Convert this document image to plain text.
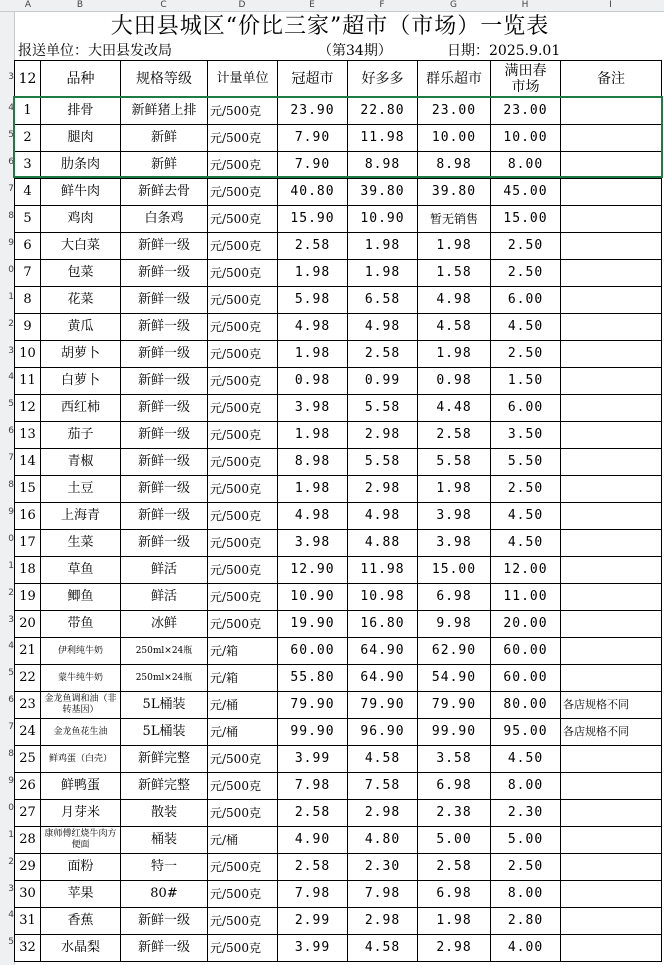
A	B	C	D	E	F	G	H	I
3
4
5
6
7
8
9
0
1
2
3
4
5
6
7
8
9
0
1
2
3
4
5
6
7
8
9
0
1
2
3
4
5
大田县城区“价比三家”超市（市场）一览表
报送单位：大田县发改局	（第34期）	日期：2025.9.01
12	品种	规格等级	计量单位	冠超市	好多多	群乐超市	满田春市场	备注
1	排骨	新鲜猪上排	元/500克	23.90	22.80	23.00	23.00	
2	腿肉	新鲜	元/500克	7.90	11.98	10.00	10.00	
3	肋条肉	新鲜	元/500克	7.90	8.98	8.98	8.00	
4	鲜牛肉	新鲜去骨	元/500克	40.80	39.80	39.80	45.00	
5	鸡肉	白条鸡	元/500克	15.90	10.90	暂无销售	15.00	
6	大白菜	新鲜一级	元/500克	2.58	1.98	1.98	2.50	
7	包菜	新鲜一级	元/500克	1.98	1.98	1.58	2.50	
8	花菜	新鲜一级	元/500克	5.98	6.58	4.98	6.00	
9	黄瓜	新鲜一级	元/500克	4.98	4.98	4.58	4.50	
10	胡萝卜	新鲜一级	元/500克	1.98	2.58	1.98	2.50	
11	白萝卜	新鲜一级	元/500克	0.98	0.99	0.98	1.50	
12	西红柿	新鲜一级	元/500克	3.98	5.58	4.48	6.00	
13	茄子	新鲜一级	元/500克	1.98	2.98	2.58	3.50	
14	青椒	新鲜一级	元/500克	8.98	5.58	5.58	5.50	
15	土豆	新鲜一级	元/500克	1.98	2.98	1.98	2.50	
16	上海青	新鲜一级	元/500克	4.98	4.98	3.98	4.50	
17	生菜	新鲜一级	元/500克	3.98	4.88	3.98	4.50	
18	草鱼	鲜活	元/500克	12.90	11.98	15.00	12.00	
19	鲫鱼	鲜活	元/500克	10.90	10.98	6.98	11.00	
20	带鱼	冰鲜	元/500克	19.90	16.80	9.98	20.00	
21	伊利纯牛奶	250ml×24瓶	元/箱	60.00	64.90	62.90	60.00	
22	蒙牛纯牛奶	250ml×24瓶	元/箱	55.80	64.90	54.90	60.00	
23	金龙鱼调和油（非转基因）	5L桶装	元/桶	79.90	79.90	79.90	80.00	各店规格不同
24	金龙鱼花生油	5L桶装	元/桶	99.90	96.90	99.90	95.00	各店规格不同
25	鲜鸡蛋（白壳）	新鲜完整	元/500克	3.99	4.58	3.58	4.50	
26	鲜鸭蛋	新鲜完整	元/500克	7.98	7.58	6.98	8.00	
27	月芽米	散装	元/500克	2.58	2.98	2.38	2.30	
28	康师傅红烧牛肉方便面	桶装	元/桶	4.90	4.80	5.00	5.00	
29	面粉	特一	元/500克	2.58	2.30	2.58	2.50	
30	苹果	80#	元/500克	7.98	7.98	6.98	8.00	
31	香蕉	新鲜一级	元/500克	2.99	2.98	1.98	2.80	
32	水晶梨	新鲜一级	元/500克	3.99	4.58	2.98	4.00	
